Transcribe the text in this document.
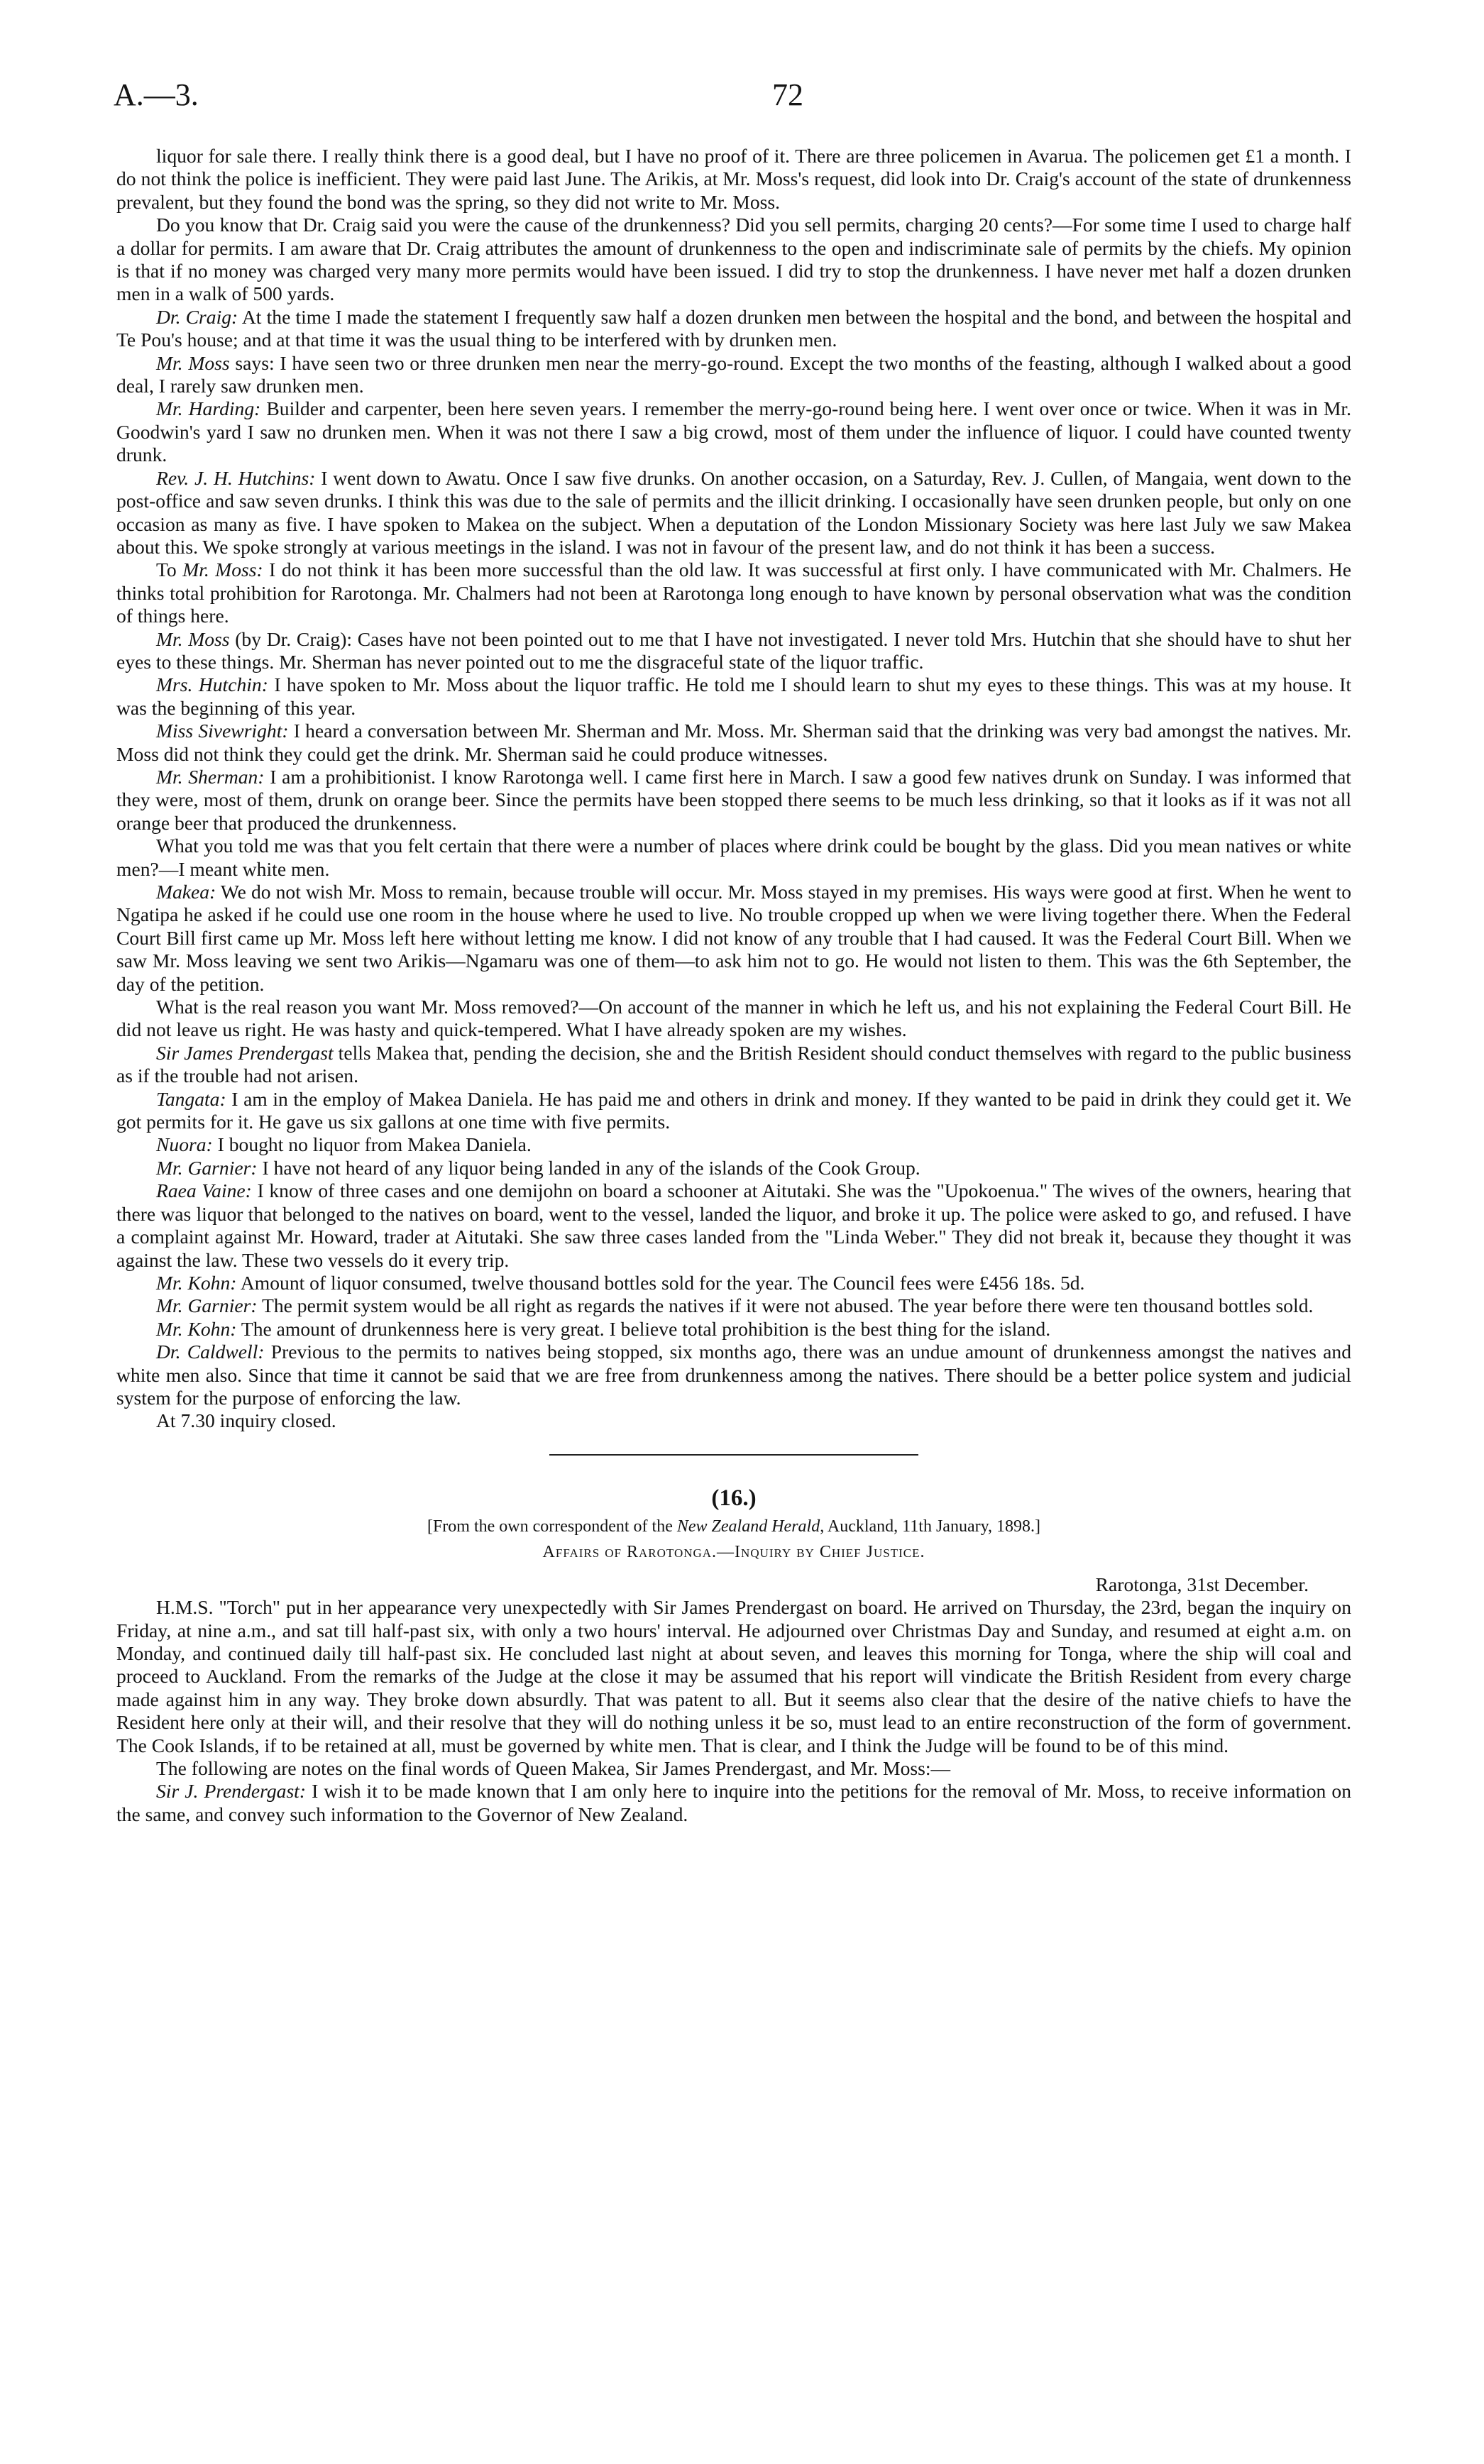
A.—3.	72

liquor for sale there. I really think there is a good deal, but I have no proof of it. There are three policemen in Avarua. The policemen get £1 a month. I do not think the police is inefficient. They were paid last June. The Arikis, at Mr. Moss's request, did look into Dr. Craig's account of the state of drunkenness prevalent, but they found the bond was the spring, so they did not write to Mr. Moss.

Do you know that Dr. Craig said you were the cause of the drunkenness? Did you sell permits, charging 20 cents?—For some time I used to charge half a dollar for permits. I am aware that Dr. Craig attributes the amount of drunkenness to the open and indiscriminate sale of permits by the chiefs. My opinion is that if no money was charged very many more permits would have been issued. I did try to stop the drunkenness. I have never met half a dozen drunken men in a walk of 500 yards.

Dr. Craig: At the time I made the statement I frequently saw half a dozen drunken men between the hospital and the bond, and between the hospital and Te Pou's house; and at that time it was the usual thing to be interfered with by drunken men.

Mr. Moss says: I have seen two or three drunken men near the merry-go-round. Except the two months of the feasting, although I walked about a good deal, I rarely saw drunken men.

Mr. Harding: Builder and carpenter, been here seven years. I remember the merry-go-round being here. I went over once or twice. When it was in Mr. Goodwin's yard I saw no drunken men. When it was not there I saw a big crowd, most of them under the influence of liquor. I could have counted twenty drunk.

Rev. J. H. Hutchins: I went down to Awatu. Once I saw five drunks. On another occasion, on a Saturday, Rev. J. Cullen, of Mangaia, went down to the post-office and saw seven drunks. I think this was due to the sale of permits and the illicit drinking. I occasionally have seen drunken people, but only on one occasion as many as five. I have spoken to Makea on the subject. When a deputation of the London Missionary Society was here last July we saw Makea about this. We spoke strongly at various meetings in the island. I was not in favour of the present law, and do not think it has been a success.

To Mr. Moss: I do not think it has been more successful than the old law. It was successful at first only. I have communicated with Mr. Chalmers. He thinks total prohibition for Rarotonga. Mr. Chalmers had not been at Rarotonga long enough to have known by personal observation what was the condition of things here.

Mr. Moss (by Dr. Craig): Cases have not been pointed out to me that I have not investigated. I never told Mrs. Hutchin that she should have to shut her eyes to these things. Mr. Sherman has never pointed out to me the disgraceful state of the liquor traffic.

Mrs. Hutchin: I have spoken to Mr. Moss about the liquor traffic. He told me I should learn to shut my eyes to these things. This was at my house. It was the beginning of this year.

Miss Sivewright: I heard a conversation between Mr. Sherman and Mr. Moss. Mr. Sherman said that the drinking was very bad amongst the natives. Mr. Moss did not think they could get the drink. Mr. Sherman said he could produce witnesses.

Mr. Sherman: I am a prohibitionist. I know Rarotonga well. I came first here in March. I saw a good few natives drunk on Sunday. I was informed that they were, most of them, drunk on orange beer. Since the permits have been stopped there seems to be much less drinking, so that it looks as if it was not all orange beer that produced the drunkenness.

What you told me was that you felt certain that there were a number of places where drink could be bought by the glass. Did you mean natives or white men?—I meant white men.

Makea: We do not wish Mr. Moss to remain, because trouble will occur. Mr. Moss stayed in my premises. His ways were good at first. When he went to Ngatipa he asked if he could use one room in the house where he used to live. No trouble cropped up when we were living together there. When the Federal Court Bill first came up Mr. Moss left here without letting me know. I did not know of any trouble that I had caused. It was the Federal Court Bill. When we saw Mr. Moss leaving we sent two Arikis—Ngamaru was one of them—to ask him not to go. He would not listen to them. This was the 6th September, the day of the petition.

What is the real reason you want Mr. Moss removed?—On account of the manner in which he left us, and his not explaining the Federal Court Bill. He did not leave us right. He was hasty and quick-tempered. What I have already spoken are my wishes.

Sir James Prendergast tells Makea that, pending the decision, she and the British Resident should conduct themselves with regard to the public business as if the trouble had not arisen.

Tangata: I am in the employ of Makea Daniela. He has paid me and others in drink and money. If they wanted to be paid in drink they could get it. We got permits for it. He gave us six gallons at one time with five permits.

Nuora: I bought no liquor from Makea Daniela.

Mr. Garnier: I have not heard of any liquor being landed in any of the islands of the Cook Group.

Raea Vaine: I know of three cases and one demijohn on board a schooner at Aitutaki. She was the "Upokoenua." The wives of the owners, hearing that there was liquor that belonged to the natives on board, went to the vessel, landed the liquor, and broke it up. The police were asked to go, and refused. I have a complaint against Mr. Howard, trader at Aitutaki. She saw three cases landed from the "Linda Weber." They did not break it, because they thought it was against the law. These two vessels do it every trip.

Mr. Kohn: Amount of liquor consumed, twelve thousand bottles sold for the year. The Council fees were £456 18s. 5d.

Mr. Garnier: The permit system would be all right as regards the natives if it were not abused. The year before there were ten thousand bottles sold.

Mr. Kohn: The amount of drunkenness here is very great. I believe total prohibition is the best thing for the island.

Dr. Caldwell: Previous to the permits to natives being stopped, six months ago, there was an undue amount of drunkenness amongst the natives and white men also. Since that time it cannot be said that we are free from drunkenness among the natives. There should be a better police system and judicial system for the purpose of enforcing the law.

At 7.30 inquiry closed.

(16.)
[From the own correspondent of the New Zealand Herald, Auckland, 11th January, 1898.]
Affairs of Rarotonga.—Inquiry by Chief Justice.
Rarotonga, 31st December.

H.M.S. "Torch" put in her appearance very unexpectedly with Sir James Prendergast on board. He arrived on Thursday, the 23rd, began the inquiry on Friday, at nine a.m., and sat till half-past six, with only a two hours' interval. He adjourned over Christmas Day and Sunday, and resumed at eight a.m. on Monday, and continued daily till half-past six. He concluded last night at about seven, and leaves this morning for Tonga, where the ship will coal and proceed to Auckland. From the remarks of the Judge at the close it may be assumed that his report will vindicate the British Resident from every charge made against him in any way. They broke down absurdly. That was patent to all. But it seems also clear that the desire of the native chiefs to have the Resident here only at their will, and their resolve that they will do nothing unless it be so, must lead to an entire reconstruction of the form of government. The Cook Islands, if to be retained at all, must be governed by white men. That is clear, and I think the Judge will be found to be of this mind.

The following are notes on the final words of Queen Makea, Sir James Prendergast, and Mr. Moss:—

Sir J. Prendergast: I wish it to be made known that I am only here to inquire into the petitions for the removal of Mr. Moss, to receive information on the same, and convey such information to the Governor of New Zealand.
